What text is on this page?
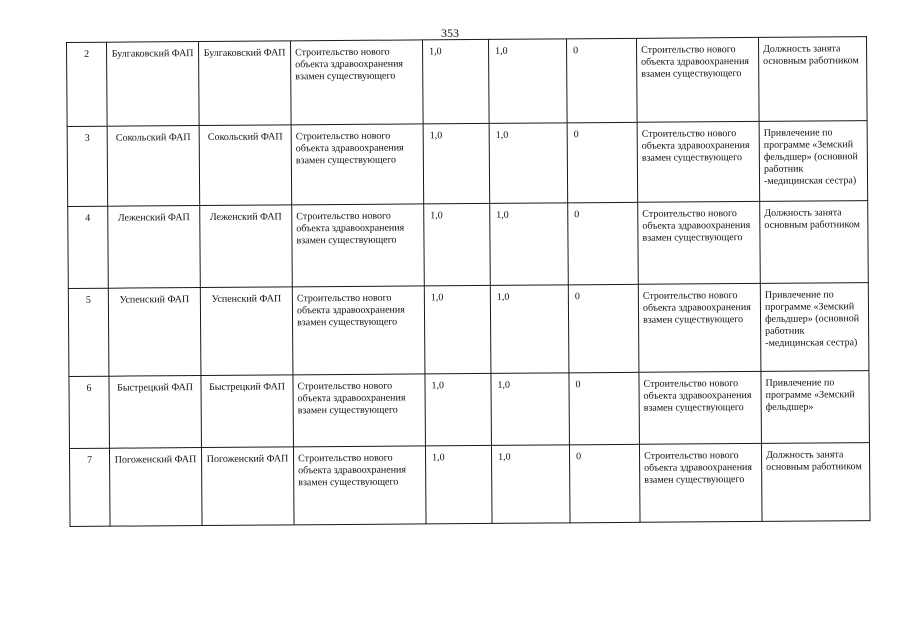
353
2	Булгаковский ФАП	Булгаковский ФАП	Строительство нового объекта здравоохранения взамен существующего	1,0	1,0	0	Строительство нового объекта здравоохранения взамен существующего	Должность занята основным работником
3	Сокольский ФАП	Сокольский ФАП	Строительство нового объекта здравоохранения взамен существующего	1,0	1,0	0	Строительство нового объекта здравоохранения взамен существующего	Привлечение по программе «Земский фельдшер» (основной работник -медицинская сестра)
4	Леженский ФАП	Леженский ФАП	Строительство нового объекта здравоохранения взамен существующего	1,0	1,0	0	Строительство нового объекта здравоохранения взамен существующего	Должность занята основным работником
5	Успенский ФАП	Успенский ФАП	Строительство нового объекта здравоохранения взамен существующего	1,0	1,0	0	Строительство нового объекта здравоохранения взамен существующего	Привлечение по программе «Земский фельдшер» (основной работник -медицинская сестра)
6	Быстрецкий ФАП	Быстрецкий ФАП	Строительство нового объекта здравоохранения взамен существующего	1,0	1,0	0	Строительство нового объекта здравоохранения взамен существующего	Привлечение по программе «Земский фельдшер»
7	Погоженский ФАП	Погоженский ФАП	Строительство нового объекта здравоохранения взамен существующего	1,0	1,0	0	Строительство нового объекта здравоохранения взамен существующего	Должность занята основным работником
